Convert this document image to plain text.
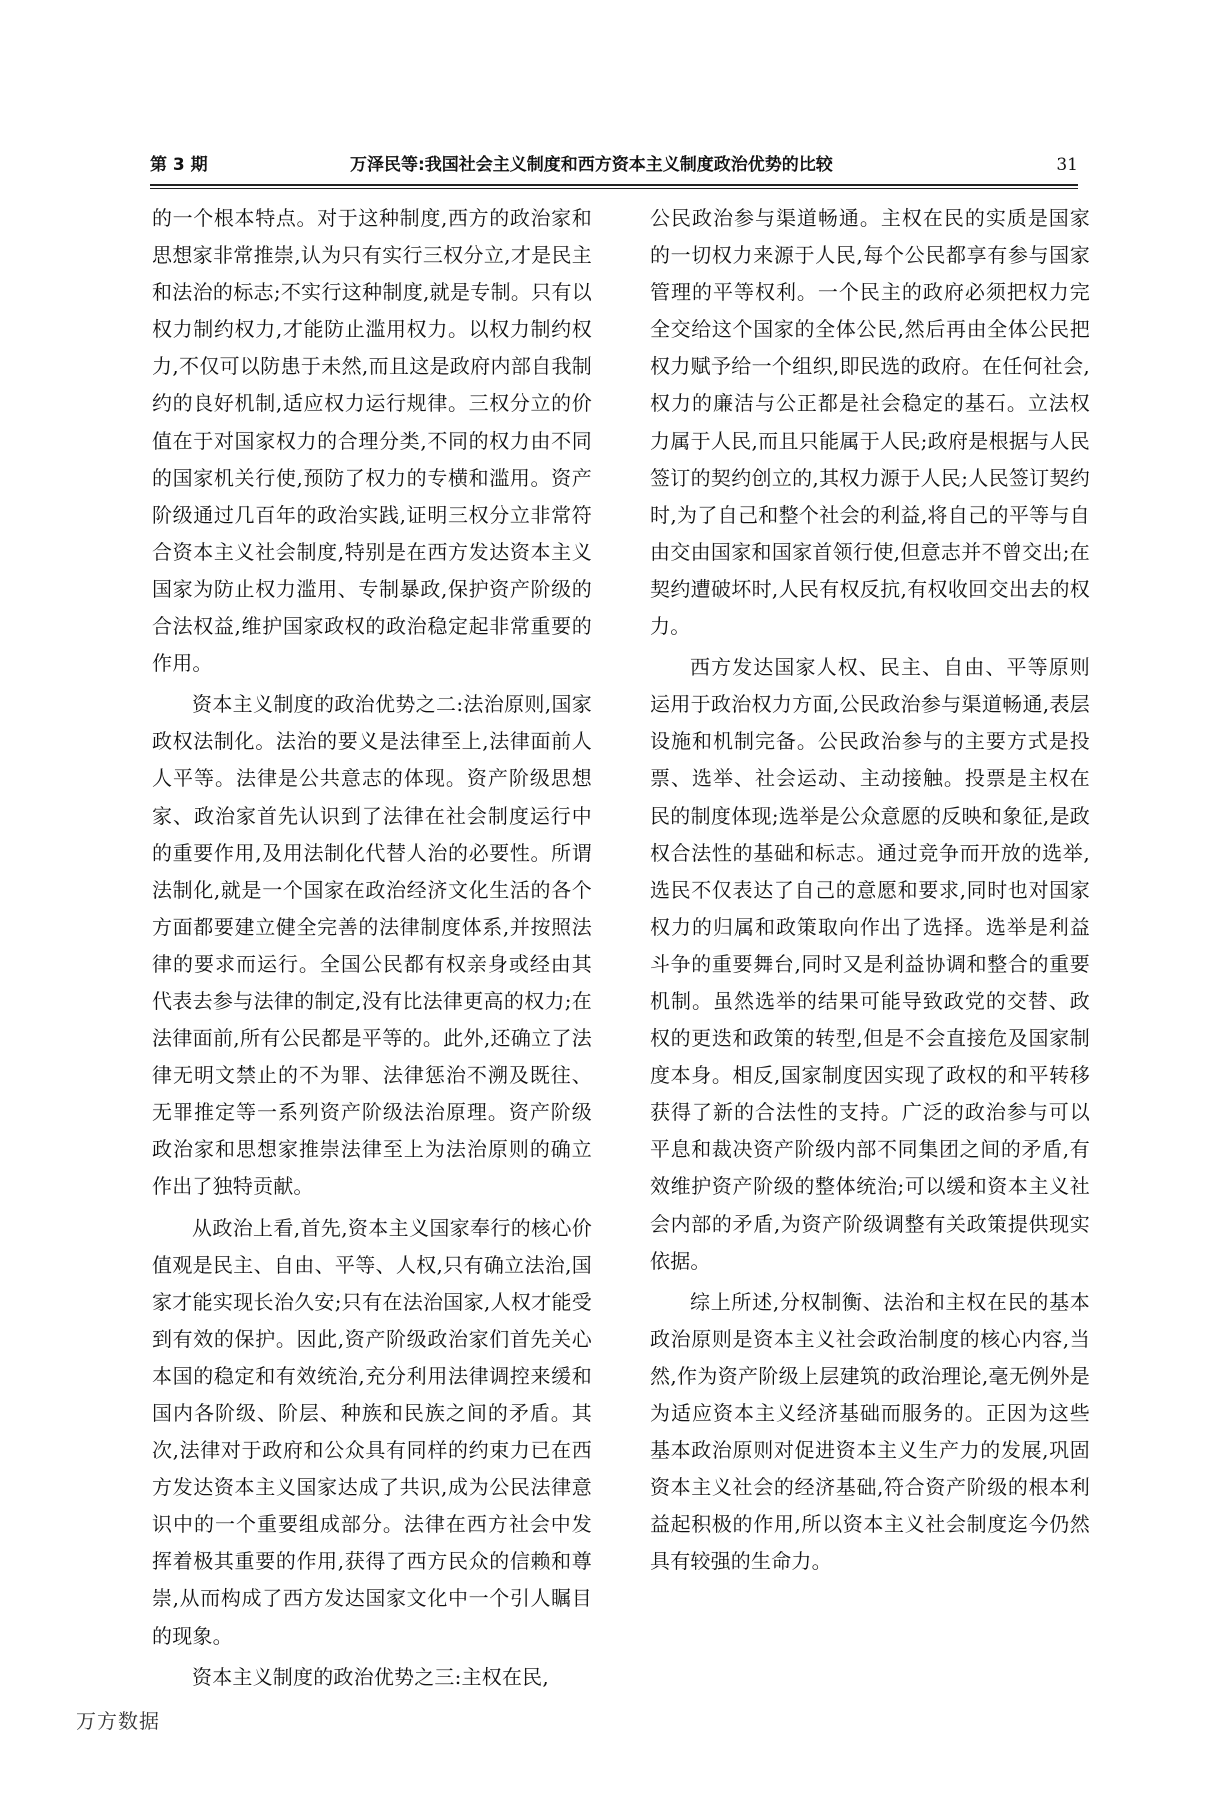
第 3 期	万泽民等:我国社会主义制度和西方资本主义制度政治优势的比较	31

的一个根本特点。对于这种制度,西方的政治家和思想家非常推崇,认为只有实行三权分立,才是民主和法治的标志;不实行这种制度,就是专制。只有以权力制约权力,才能防止滥用权力。以权力制约权力,不仅可以防患于未然,而且这是政府内部自我制约的良好机制,适应权力运行规律。三权分立的价值在于对国家权力的合理分类,不同的权力由不同的国家机关行使,预防了权力的专横和滥用。资产阶级通过几百年的政治实践,证明三权分立非常符合资本主义社会制度,特别是在西方发达资本主义国家为防止权力滥用、专制暴政,保护资产阶级的合法权益,维护国家政权的政治稳定起非常重要的作用。

资本主义制度的政治优势之二:法治原则,国家政权法制化。法治的要义是法律至上,法律面前人人平等。法律是公共意志的体现。资产阶级思想家、政治家首先认识到了法律在社会制度运行中的重要作用,及用法制化代替人治的必要性。所谓法制化,就是一个国家在政治经济文化生活的各个方面都要建立健全完善的法律制度体系,并按照法律的要求而运行。全国公民都有权亲身或经由其代表去参与法律的制定,没有比法律更高的权力;在法律面前,所有公民都是平等的。此外,还确立了法律无明文禁止的不为罪、法律惩治不溯及既往、无罪推定等一系列资产阶级法治原理。资产阶级政治家和思想家推崇法律至上为法治原则的确立作出了独特贡献。

从政治上看,首先,资本主义国家奉行的核心价值观是民主、自由、平等、人权,只有确立法治,国家才能实现长治久安;只有在法治国家,人权才能受到有效的保护。因此,资产阶级政治家们首先关心本国的稳定和有效统治,充分利用法律调控来缓和国内各阶级、阶层、种族和民族之间的矛盾。其次,法律对于政府和公众具有同样的约束力已在西方发达资本主义国家达成了共识,成为公民法律意识中的一个重要组成部分。法律在西方社会中发挥着极其重要的作用,获得了西方民众的信赖和尊崇,从而构成了西方发达国家文化中一个引人瞩目的现象。

资本主义制度的政治优势之三:主权在民,

公民政治参与渠道畅通。主权在民的实质是国家的一切权力来源于人民,每个公民都享有参与国家管理的平等权利。一个民主的政府必须把权力完全交给这个国家的全体公民,然后再由全体公民把权力赋予给一个组织,即民选的政府。在任何社会,权力的廉洁与公正都是社会稳定的基石。立法权力属于人民,而且只能属于人民;政府是根据与人民签订的契约创立的,其权力源于人民;人民签订契约时,为了自己和整个社会的利益,将自己的平等与自由交由国家和国家首领行使,但意志并不曾交出;在契约遭破坏时,人民有权反抗,有权收回交出去的权力。

西方发达国家人权、民主、自由、平等原则运用于政治权力方面,公民政治参与渠道畅通,表层设施和机制完备。公民政治参与的主要方式是投票、选举、社会运动、主动接触。投票是主权在民的制度体现;选举是公众意愿的反映和象征,是政权合法性的基础和标志。通过竞争而开放的选举,选民不仅表达了自己的意愿和要求,同时也对国家权力的归属和政策取向作出了选择。选举是利益斗争的重要舞台,同时又是利益协调和整合的重要机制。虽然选举的结果可能导致政党的交替、政权的更迭和政策的转型,但是不会直接危及国家制度本身。相反,国家制度因实现了政权的和平转移获得了新的合法性的支持。广泛的政治参与可以平息和裁决资产阶级内部不同集团之间的矛盾,有效维护资产阶级的整体统治;可以缓和资本主义社会内部的矛盾,为资产阶级调整有关政策提供现实依据。

综上所述,分权制衡、法治和主权在民的基本政治原则是资本主义社会政治制度的核心内容,当然,作为资产阶级上层建筑的政治理论,毫无例外是为适应资本主义经济基础而服务的。正因为这些基本政治原则对促进资本主义生产力的发展,巩固资本主义社会的经济基础,符合资产阶级的根本利益起积极的作用,所以资本主义社会制度迄今仍然具有较强的生命力。

万方数据
